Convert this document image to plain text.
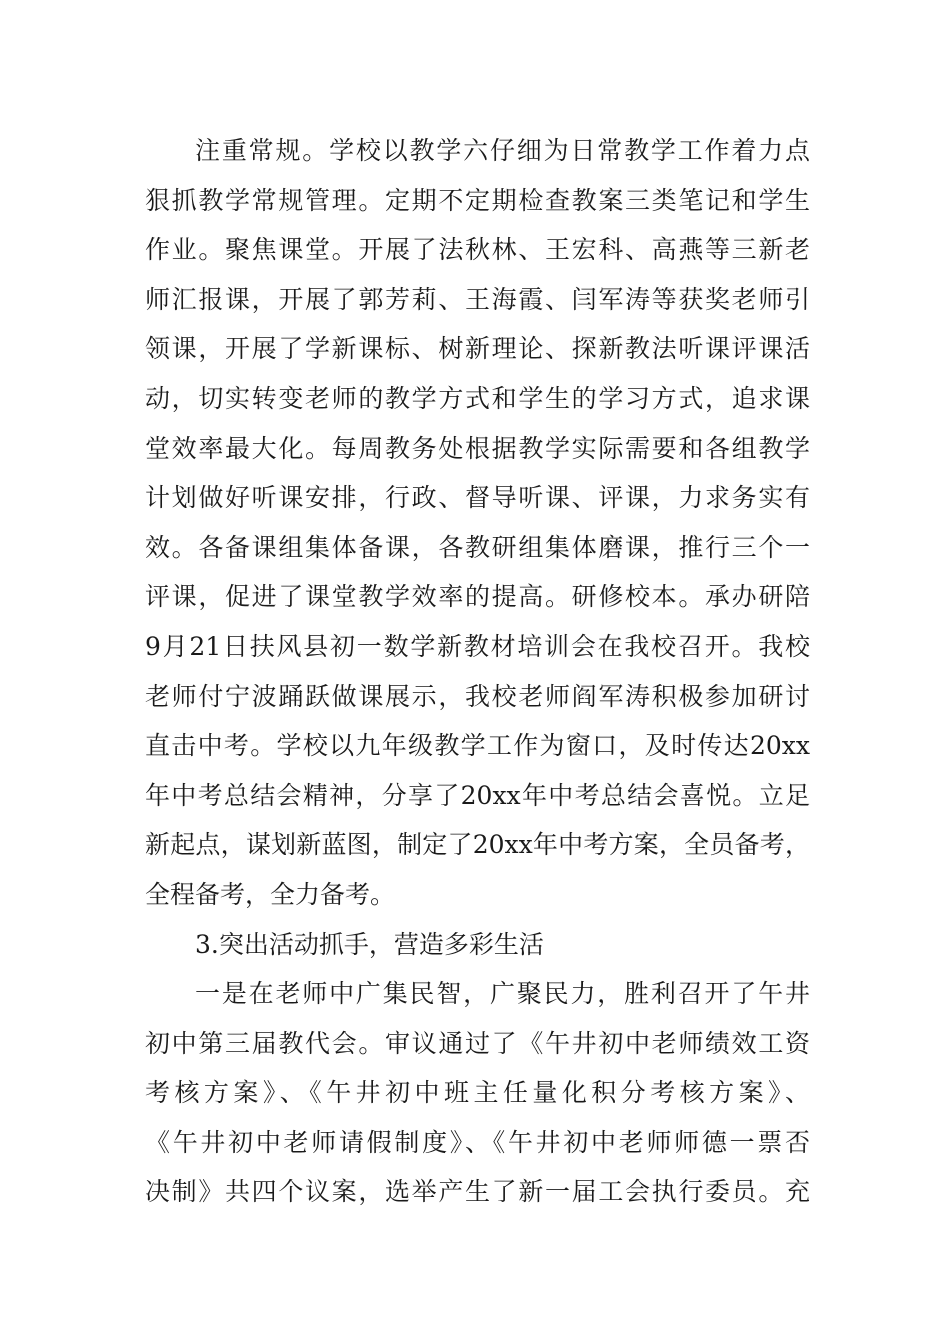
注重常规。学校以教学六仔细为日常教学工作着力点
狠抓教学常规管理。定期不定期检查教案三类笔记和学生
作业。聚焦课堂。开展了法秋林、王宏科、高燕等三新老
师汇报课，开展了郭芳莉、王海霞、闫军涛等获奖老师引
领课，开展了学新课标、树新理论、探新教法听课评课活
动，切实转变老师的教学方式和学生的学习方式，追求课
堂效率最大化。每周教务处根据教学实际需要和各组教学
计划做好听课安排，行政、督导听课、评课，力求务实有
效。各备课组集体备课，各教研组集体磨课，推行三个一
评课，促进了课堂教学效率的提高。研修校本。承办研陪
9月21日扶风县初一数学新教材培训会在我校召开。我校
老师付宁波踊跃做课展示，我校老师阎军涛积极参加研讨
直击中考。学校以九年级教学工作为窗口，及时传达20xx
年中考总结会精神，分享了20xx年中考总结会喜悦。立足
新起点，谋划新蓝图，制定了20xx年中考方案，全员备考，
全程备考，全力备考。
3.突出活动抓手，营造多彩生活
一是在老师中广集民智，广聚民力，胜利召开了午井
初中第三届教代会。审议通过了《午井初中老师绩效工资
考核方案》、《午井初中班主任量化积分考核方案》、
《午井初中老师请假制度》、《午井初中老师师德一票否
决制》共四个议案，选举产生了新一届工会执行委员。充
